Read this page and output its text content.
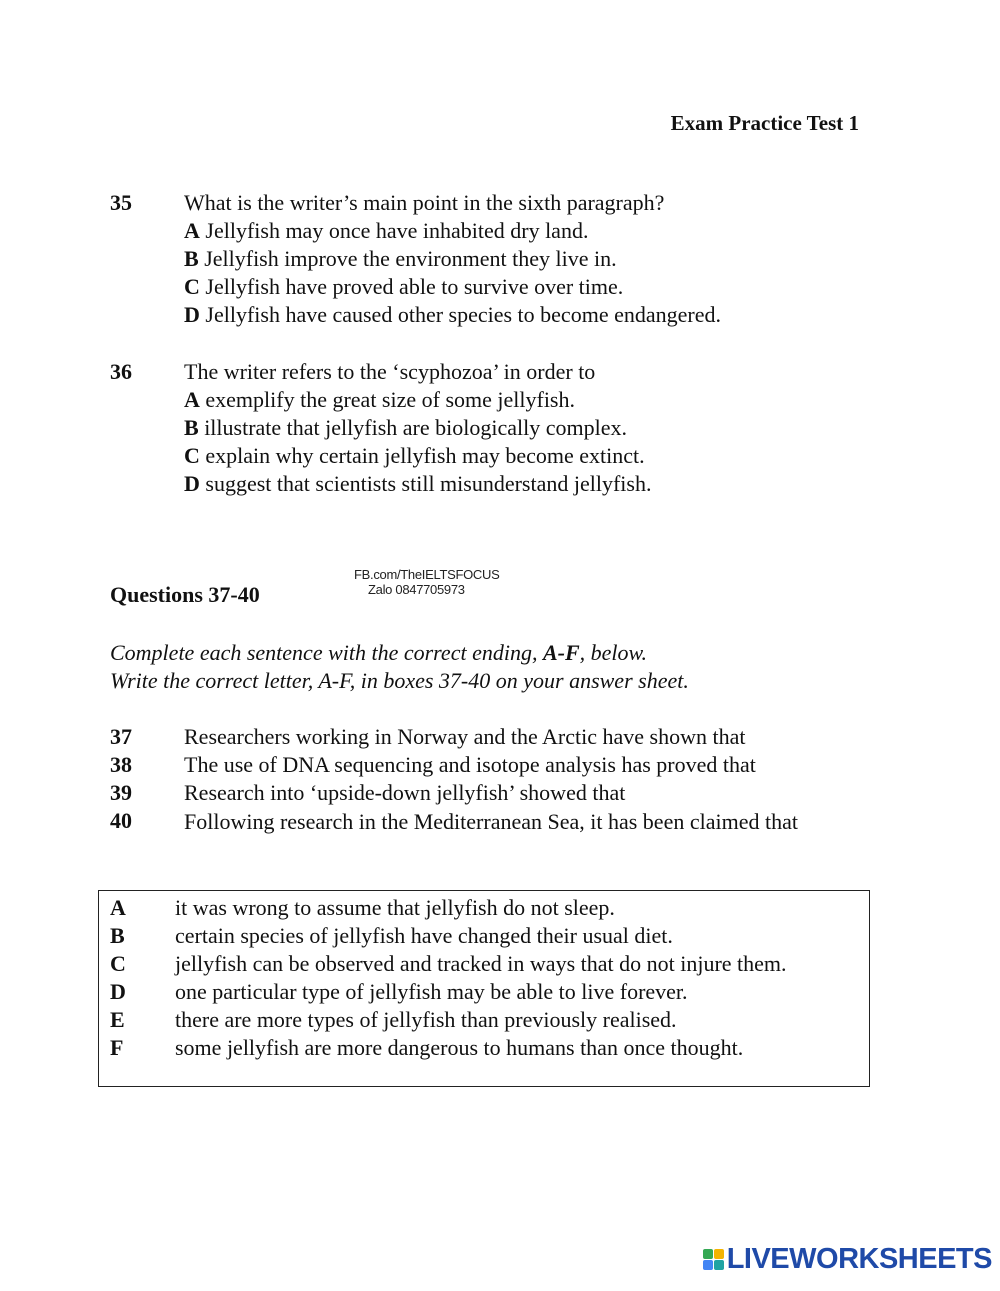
Exam Practice Test 1
35 What is the writer’s main point in the sixth paragraph?
A Jellyfish may once have inhabited dry land.
B Jellyfish improve the environment they live in.
C Jellyfish have proved able to survive over time.
D Jellyfish have caused other species to become endangered.
36 The writer refers to the ‘scyphozoa’ in order to
A exemplify the great size of some jellyfish.
B illustrate that jellyfish are biologically complex.
C explain why certain jellyfish may become extinct.
D suggest that scientists still misunderstand jellyfish.
FB.com/TheIELTSFOCUS
Zalo 0847705973
Questions 37-40
Complete each sentence with the correct ending, A-F, below.
Write the correct letter, A-F, in boxes 37-40 on your answer sheet.
37 Researchers working in Norway and the Arctic have shown that
38 The use of DNA sequencing and isotope analysis has proved that
39 Research into ‘upside-down jellyfish’ showed that
40 Following research in the Mediterranean Sea, it has been claimed that
A it was wrong to assume that jellyfish do not sleep.
B certain species of jellyfish have changed their usual diet.
C jellyfish can be observed and tracked in ways that do not injure them.
D one particular type of jellyfish may be able to live forever.
E there are more types of jellyfish than previously realised.
F some jellyfish are more dangerous to humans than once thought.
LIVEWORKSHEETS
